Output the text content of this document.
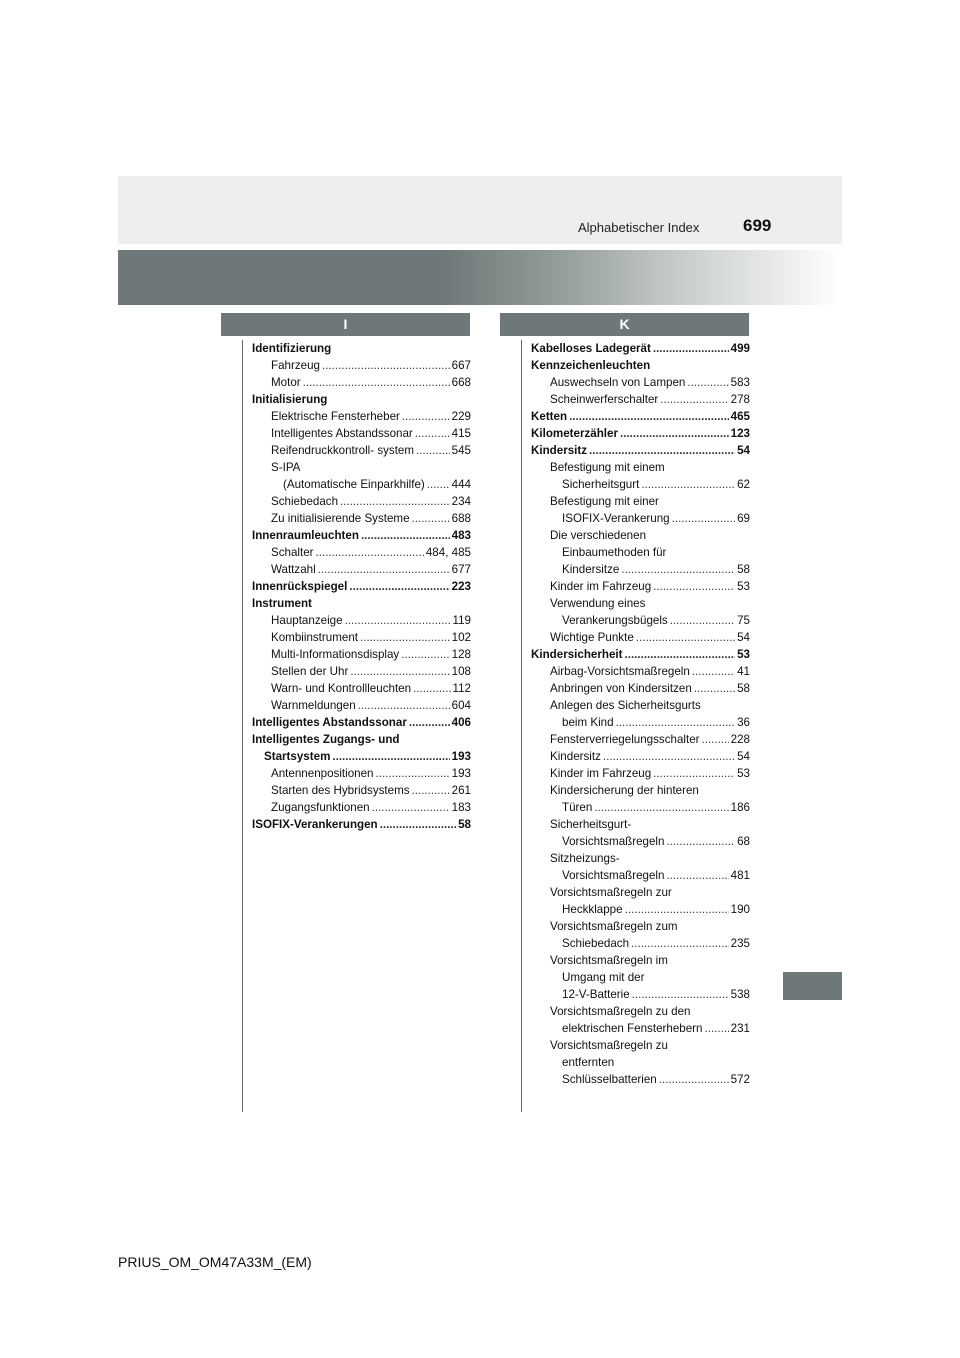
Alphabetischer Index	699
I	K
Identifizierung
Fahrzeug .....	667
Motor .....	668
Initialisierung
Elektrische Fensterheber .....	229
Intelligentes Abstandssonar .....	415
Reifendruckkontroll- system .....	545
S-IPA
(Automatische Einparkhilfe) ..... 444
Schiebedach .....	234
Zu initialisierende Systeme .....	688
Innenraumleuchten .....	483
Schalter .....	484, 485
Wattzahl .....	677
Innenrückspiegel .....	223
Instrument
Hauptanzeige .....	119
Kombiinstrument .....	102
Multi-Informationsdisplay .....	128
Stellen der Uhr .....	108
Warn- und Kontrollleuchten .....	112
Warnmeldungen .....	604
Intelligentes Abstandssonar .....	406
Intelligentes Zugangs- und
Startsystem .....	193
Antennenpositionen .....	193
Starten des Hybridsystems .....	261
Zugangsfunktionen .....	183
ISOFIX-Verankerungen .....	58
Kabelloses Ladegerät .....	499
Kennzeichenleuchten
Auswechseln von Lampen .....	583
Scheinwerferschalter .....	278
Ketten .....	465
Kilometerzähler .....	123
Kindersitz .....	54
Befestigung mit einem
Sicherheitsgurt .....	62
Befestigung mit einer
ISOFIX-Verankerung .....	69
Die verschiedenen
Einbaumethoden für
Kindersitze .....	58
Kinder im Fahrzeug .....	53
Verwendung eines
Verankerungsbügels .....	75
Wichtige Punkte .....	54
Kindersicherheit .....	53
Airbag-Vorsichtsmaßregeln .....	41
Anbringen von Kindersitzen .....	58
Anlegen des Sicherheitsgurts
beim Kind .....	36
Fensterverriegelungsschalter .....	228
Kindersitz .....	54
Kinder im Fahrzeug .....	53
Kindersicherung der hinteren
Türen .....	186
Sicherheitsgurt-
Vorsichtsmaßregeln .....	68
Sitzheizungs-
Vorsichtsmaßregeln .....	481
Vorsichtsmaßregeln zur
Heckklappe .....	190
Vorsichtsmaßregeln zum
Schiebedach .....	235
Vorsichtsmaßregeln im
Umgang mit der
12-V-Batterie .....	538
Vorsichtsmaßregeln zu den
elektrischen Fensterhebern ..... 231
Vorsichtsmaßregeln zu
entfernten
Schlüsselbatterien .....	572
PRIUS_OM_OM47A33M_(EM)
